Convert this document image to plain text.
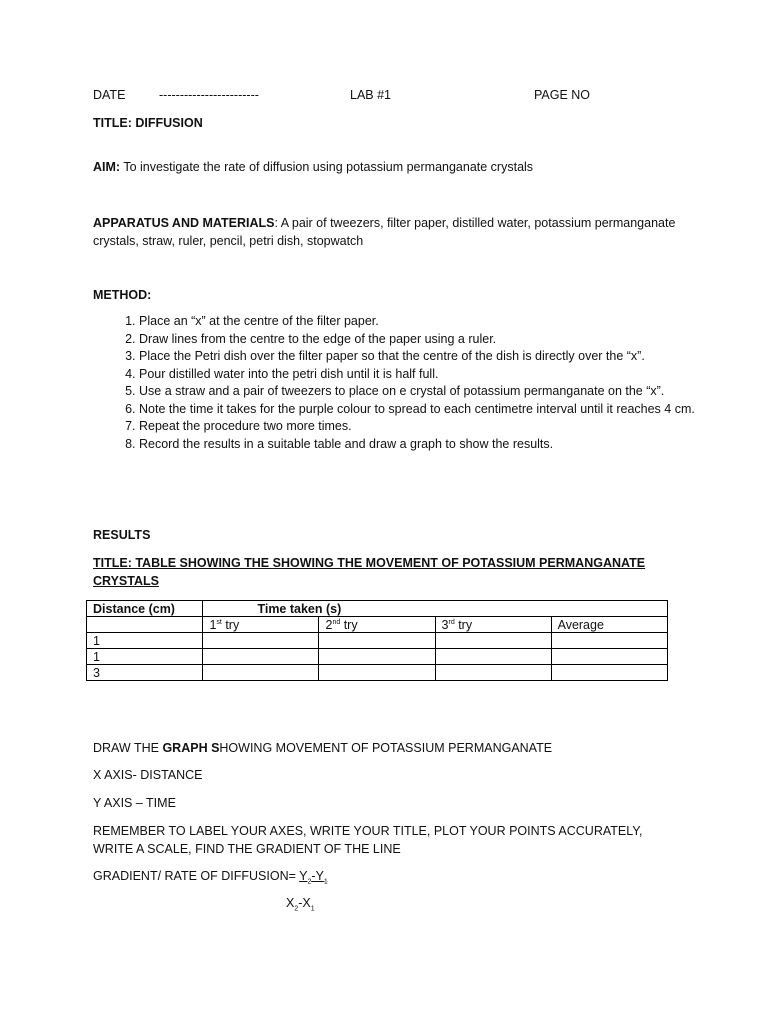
DATE	------------------------	LAB #1	PAGE NO
TITLE: DIFFUSION
AIM: To investigate the rate of diffusion using potassium permanganate crystals
APPARATUS AND MATERIALS: A pair of tweezers, filter paper, distilled water, potassium permanganate crystals, straw, ruler, pencil, petri dish, stopwatch
METHOD:
1. Place an “x” at the centre of the filter paper.
2. Draw lines from the centre to the edge of the paper using a ruler.
3. Place the Petri dish over the filter paper so that the centre of the dish is directly over the “x”.
4. Pour distilled water into the petri dish until it is half full.
5. Use a straw and a pair of tweezers to place on e crystal of potassium permanganate on the “x”.
6. Note the time it takes for the purple colour to spread to each centimetre interval until it reaches 4 cm.
7. Repeat the procedure two more times.
8. Record the results in a suitable table and draw a graph to show the results.
RESULTS
TITLE: TABLE SHOWING THE SHOWING THE MOVEMENT OF POTASSIUM PERMANGANATE
CRYSTALS
Distance (cm)	Time taken (s)			
	1st try	2nd try	3rd try	Average
1				
1				
3				
DRAW THE GRAPH SHOWING MOVEMENT OF POTASSIUM PERMANGANATE
X AXIS- DISTANCE
Y AXIS – TIME
REMEMBER TO LABEL YOUR AXES, WRITE YOUR TITLE, PLOT YOUR POINTS ACCURATELY, WRITE A SCALE, FIND THE GRADIENT OF THE LINE
GRADIENT/ RATE OF DIFFUSION= $Y_2-Y_1$
$X_2-X_1$
